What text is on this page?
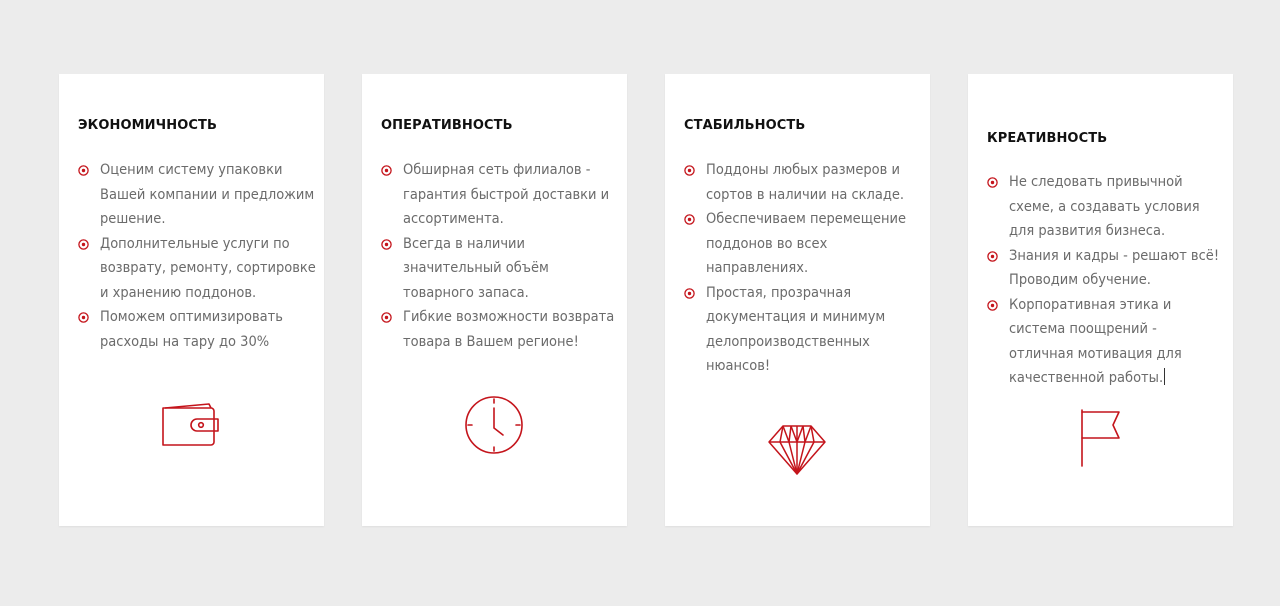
ЭКОНОМИЧНОСТЬ
Оценим систему упаковки Вашей компании и предложим решение.
Дополнительные услуги по возврату, ремонту, сортировке и хранению поддонов.
Поможем оптимизировать расходы на тару до 30%
ОПЕРАТИВНОСТЬ
Обширная сеть филиалов - гарантия быстрой доставки и ассортимента.
Всегда в наличии значительный объём товарного запаса.
Гибкие возможности возврата товара в Вашем регионе!
СТАБИЛЬНОСТЬ
Поддоны любых размеров и сортов в наличии на складе.
Обеспечиваем перемещение поддонов во всех направлениях.
Простая, прозрачная документация и минимум делопроизводственных нюансов!
КРЕАТИВНОСТЬ
Не следовать привычной схеме, а создавать условия для развития бизнеса.
Знания и кадры - решают всё! Проводим обучение.
Корпоративная этика и система поощрений - отличная мотивация для качественной работы.
